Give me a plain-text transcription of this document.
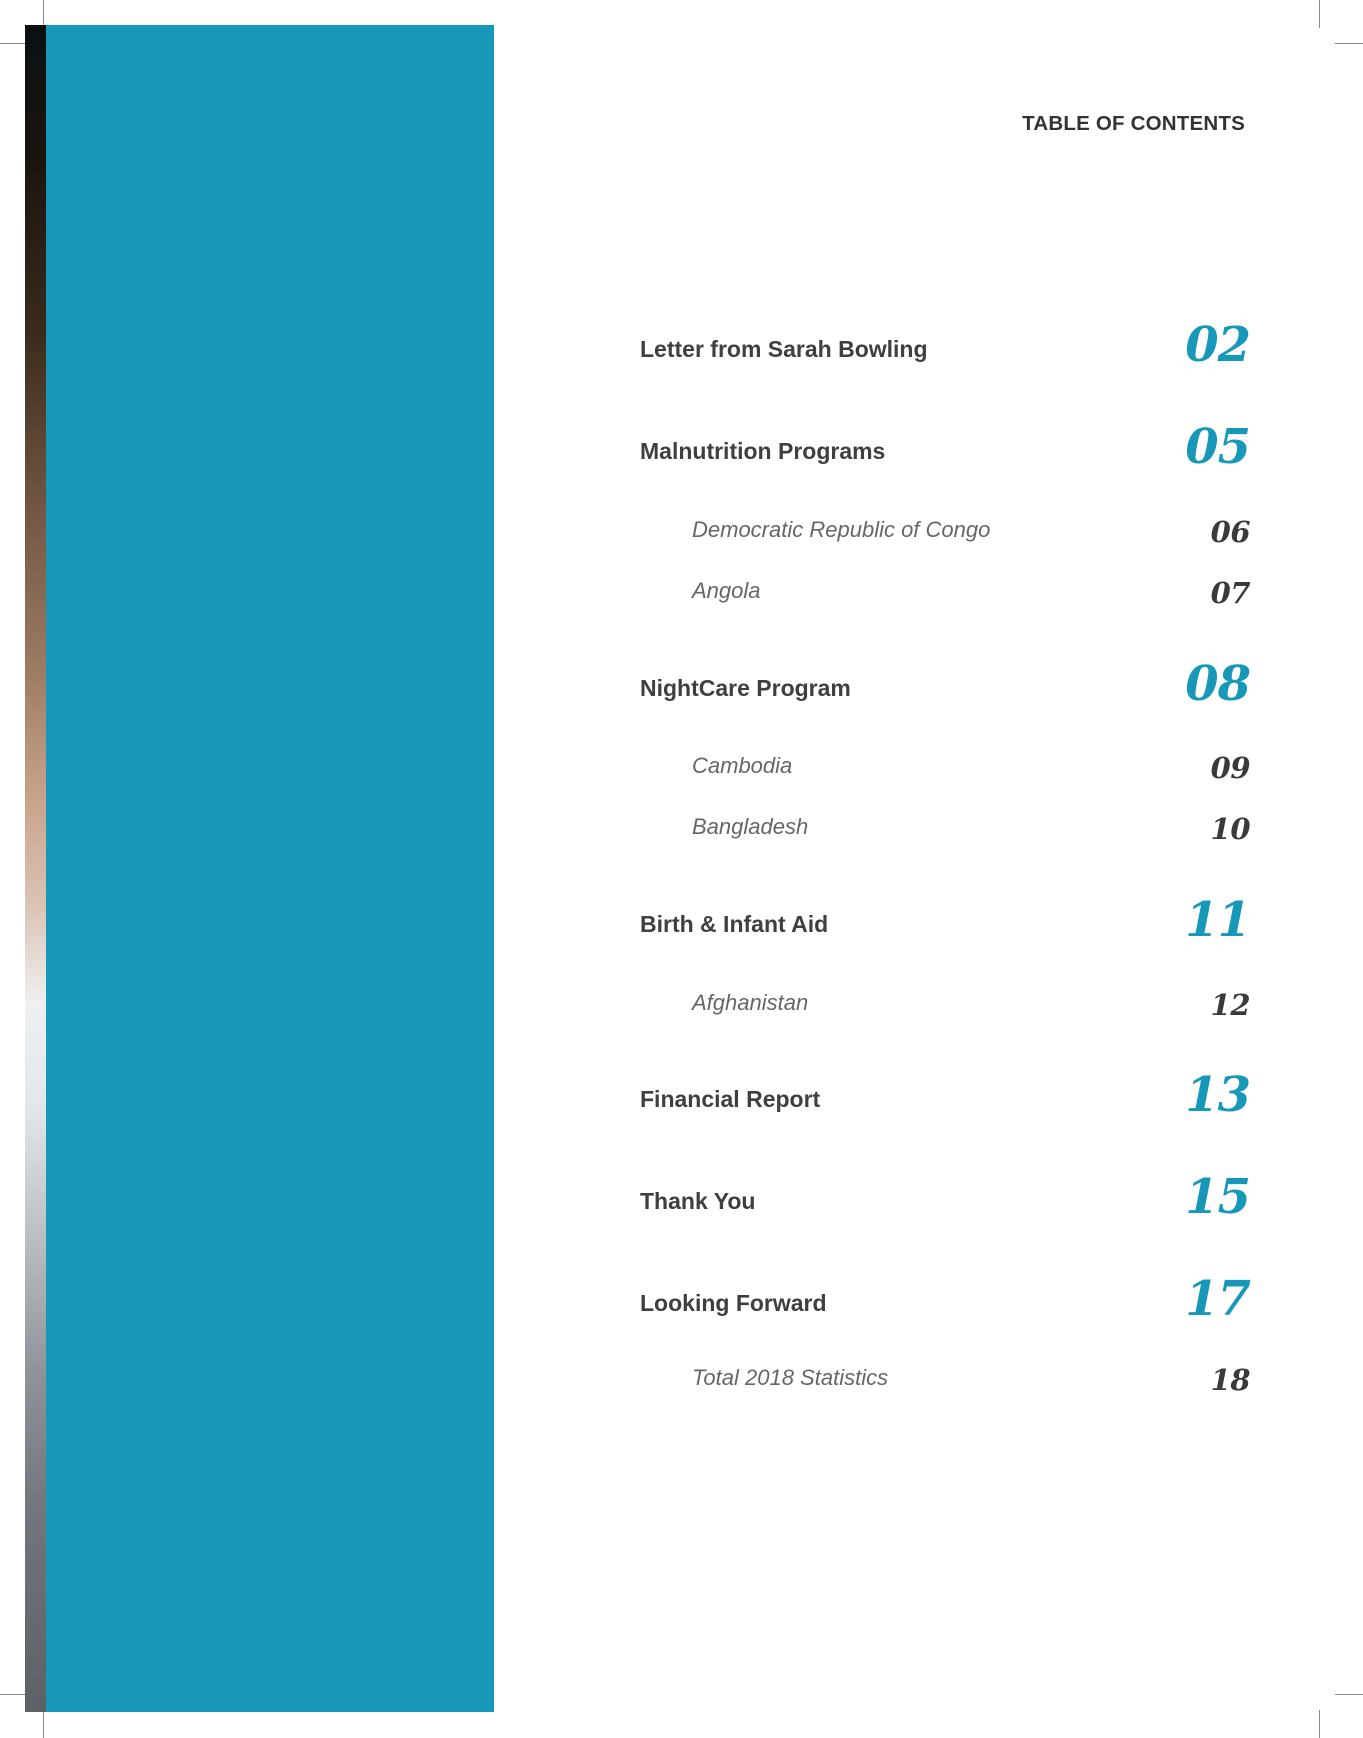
TABLE OF CONTENTS
Letter from Sarah Bowling	02
Malnutrition Programs	05
Democratic Republic of Congo	06
Angola	07
NightCare Program	08
Cambodia	09
Bangladesh	10
Birth & Infant Aid	11
Afghanistan	12
Financial Report	13
Thank You	15
Looking Forward	17
Total 2018 Statistics	18
